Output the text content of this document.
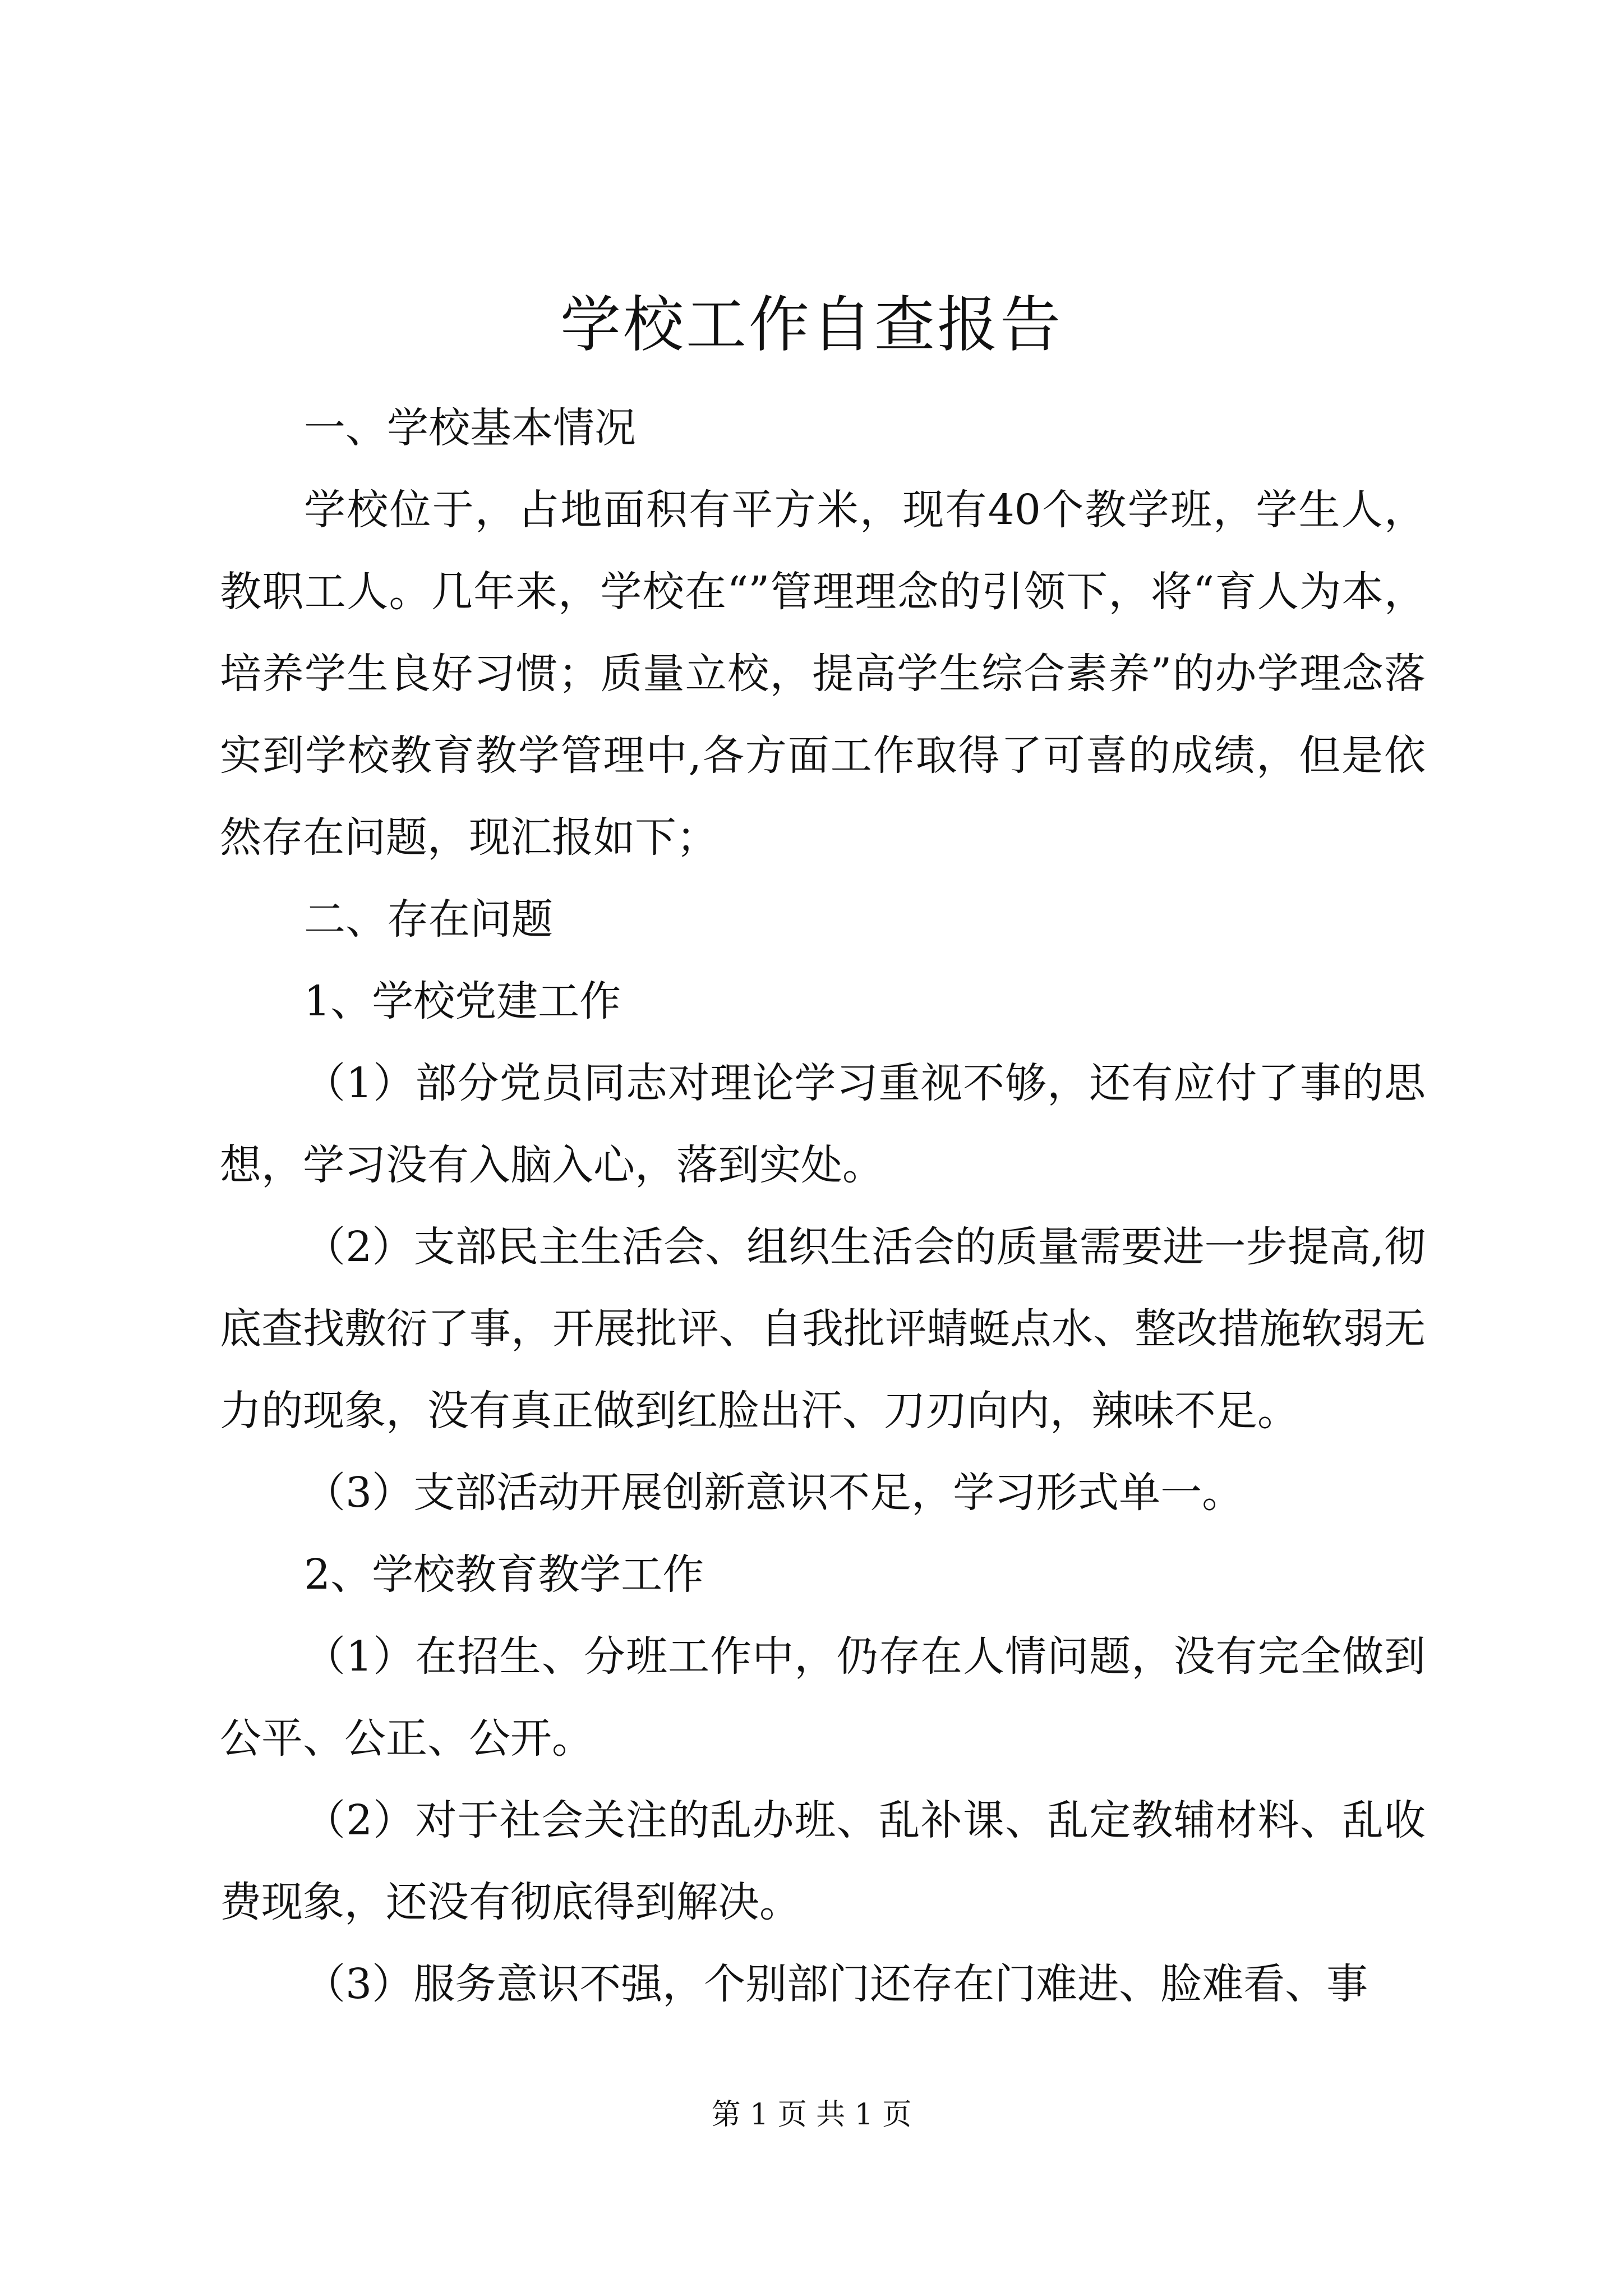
学校工作自查报告

一、学校基本情况

学校位于，占地面积有平方米，现有40个教学班，学生人，教职工人。几年来，学校在“”管理理念的引领下，将“育人为本，培养学生良好习惯；质量立校，提高学生综合素养”的办学理念落实到学校教育教学管理中,各方面工作取得了可喜的成绩，但是依然存在问题，现汇报如下；

二、存在问题

1、学校党建工作

（1）部分党员同志对理论学习重视不够，还有应付了事的思想，学习没有入脑入心，落到实处。

（2）支部民主生活会、组织生活会的质量需要进一步提高,彻底查找敷衍了事，开展批评、自我批评蜻蜓点水、整改措施软弱无力的现象，没有真正做到红脸出汗、刀刃向内，辣味不足。

（3）支部活动开展创新意识不足，学习形式单一。

2、学校教育教学工作

（1）在招生、分班工作中，仍存在人情问题，没有完全做到公平、公正、公开。

（2）对于社会关注的乱办班、乱补课、乱定教辅材料、乱收费现象，还没有彻底得到解决。

（3）服务意识不强，个别部门还存在门难进、脸难看、事

第 1 页 共 1 页
